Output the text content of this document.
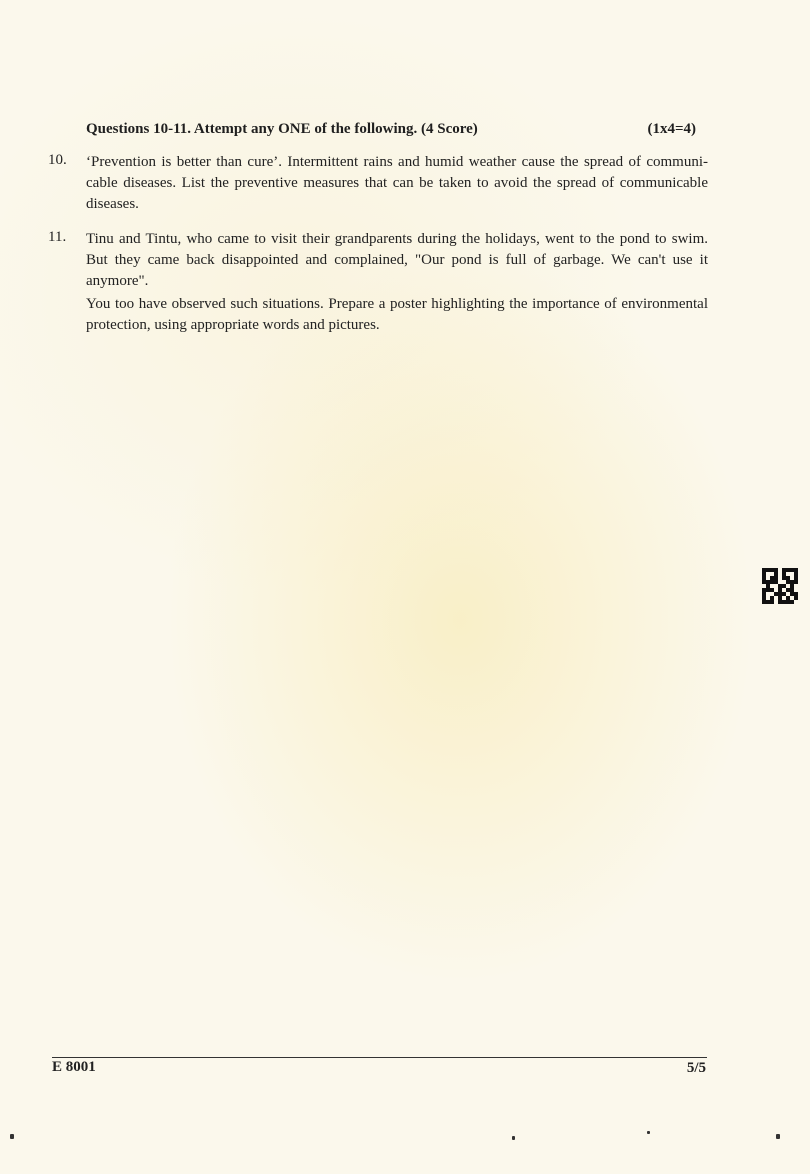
Questions 10-11. Attempt any ONE of the following. (4 Score)	(1x4=4)
10. ‘Prevention is better than cure’. Intermittent rains and humid weather cause the spread of communi-cable diseases. List the preventive measures that can be taken to avoid the spread of communicable diseases.

11. Tinu and Tintu, who came to visit their grandparents during the holidays, went to the pond to swim. But they came back disappointed and complained, "Our pond is full of garbage. We can't use it anymore".

You too have observed such situations. Prepare a poster highlighting the importance of environmental protection, using appropriate words and pictures.

E 8001	5/5
